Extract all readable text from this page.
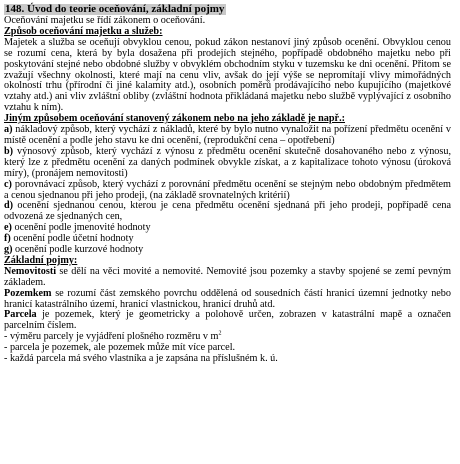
148. Úvod do teorie oceňování, základní pojmy

Oceňování majetku se řídí zákonem o oceňování.

Způsob oceňování majetku a služeb:

Majetek a služba se oceňují obvyklou cenou, pokud zákon nestanoví jiný způsob ocenění. Obvyklou cenou se rozumí cena, která by byla dosažena při prodejích stejného, popřípadě obdobného majetku nebo při poskytování stejné nebo obdobné služby v obvyklém obchodním styku v tuzemsku ke dni ocenění. Přitom se zvažují všechny okolnosti, které mají na cenu vliv, avšak do její výše se nepromítají vlivy mimořádných okolností trhu (přírodní či jiné kalamity atd.), osobních poměrů prodávajícího nebo kupujícího (majetkové vztahy atd.) ani vliv zvláštní obliby (zvláštní hodnota přikládaná majetku nebo službě vyplývající z osobního vztahu k ním).

Jiným způsobem oceňování stanovený zákonem nebo na jeho základě je např.:

a) nákladový způsob, který vychází z nákladů, které by bylo nutno vynaložit na pořízení předmětu ocenění v místě ocenění a podle jeho stavu ke dni ocenění, (reprodukční cena – opotřebení)

b) výnosový způsob, který vychází z výnosu z předmětu ocenění skutečně dosahovaného nebo z výnosu, který lze z předmětu ocenění za daných podmínek obvykle získat, a z kapitalizace tohoto výnosu (úroková míry), (pronájem nemovitosti)

c) porovnávací způsob, který vychází z porovnání předmětu ocenění se stejným nebo obdobným předmětem a cenou sjednanou při jeho prodeji, (na základě srovnatelných kritérií)

d) ocenění sjednanou cenou, kterou je cena předmětu ocenění sjednaná při jeho prodeji, popřípadě cena odvozená ze sjednaných cen,

e) ocenění podle jmenovité hodnoty

f) ocenění podle účetní hodnoty

g) ocenění podle kurzové hodnoty

Základní pojmy:

Nemovitosti se dělí na věci movité a nemovité. Nemovité jsou pozemky a stavby spojené se zemí pevným základem.

Pozemkem se rozumí část zemského povrchu oddělená od sousedních částí hranicí územní jednotky nebo hranicí katastrálního území, hranicí vlastnickou, hranicí druhů atd.

Parcela je pozemek, který je geometricky a polohově určen, zobrazen v katastrální mapě a označen parcelním číslem.

- výměru parcely je vyjádření plošného rozměru v $m^2$

- parcela je pozemek, ale pozemek může mít více parcel.

- každá parcela má svého vlastníka a je zapsána na příslušném k. ú.
